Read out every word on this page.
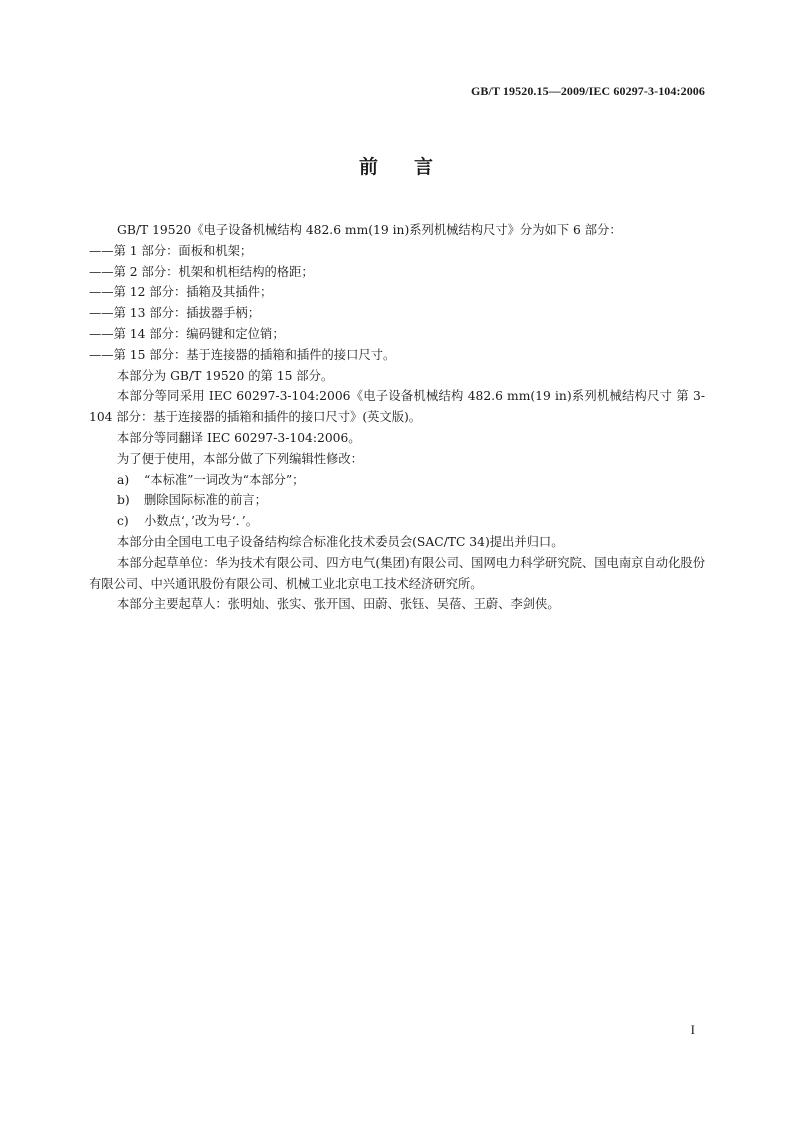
GB/T 19520.15—2009/IEC 60297-3-104:2006
前 言
GB/T 19520《电子设备机械结构 482.6 mm(19 in)系列机械结构尺寸》分为如下 6 部分：
——第 1 部分：面板和机架；
——第 2 部分：机架和机柜结构的格距；
——第 12 部分：插箱及其插件；
——第 13 部分：插拔器手柄；
——第 14 部分：编码键和定位销；
——第 15 部分：基于连接器的插箱和插件的接口尺寸。
本部分为 GB/T 19520 的第 15 部分。
本部分等同采用 IEC 60297-3-104:2006《电子设备机械结构 482.6 mm(19 in)系列机械结构尺寸 第 3-104 部分：基于连接器的插箱和插件的接口尺寸》(英文版)。
本部分等同翻译 IEC 60297-3-104:2006。
为了便于使用，本部分做了下列编辑性修改：
a) “本标准”一词改为“本部分”；
b) 删除国际标准的前言；
c) 小数点‘，’改为号‘．’。
本部分由全国电工电子设备结构综合标准化技术委员会(SAC/TC 34)提出并归口。
本部分起草单位：华为技术有限公司、四方电气(集团)有限公司、国网电力科学研究院、国电南京自动化股份有限公司、中兴通讯股份有限公司、机械工业北京电工技术经济研究所。
本部分主要起草人：张明灿、张实、张开国、田蔚、张钰、吴蓓、王蔚、李剑侠。
I
